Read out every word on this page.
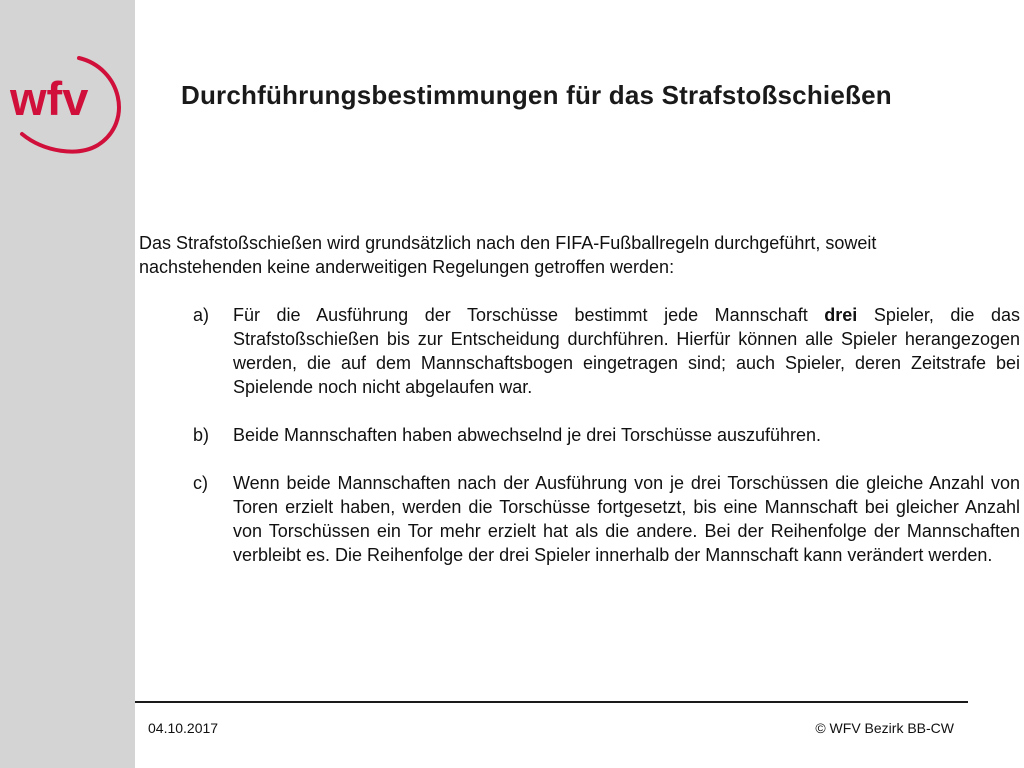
wfv	Durchführungsbestimmungen für das Strafstoßschießen

Das Strafstoßschießen wird grundsätzlich nach den FIFA-Fußballregeln durchgeführt, soweit nachstehenden keine anderweitigen Regelungen getroffen werden:

a) Für die Ausführung der Torschüsse bestimmt jede Mannschaft drei Spieler, die das Strafstoßschießen bis zur Entscheidung durchführen. Hierfür können alle Spieler herangezogen werden, die auf dem Mannschaftsbogen eingetragen sind; auch Spieler, deren Zeitstrafe bei Spielende noch nicht abgelaufen war.
b) Beide Mannschaften haben abwechselnd je drei Torschüsse auszuführen.
c) Wenn beide Mannschaften nach der Ausführung von je drei Torschüssen die gleiche Anzahl von Toren erzielt haben, werden die Torschüsse fortgesetzt, bis eine Mannschaft bei gleicher Anzahl von Torschüssen ein Tor mehr erzielt hat als die andere. Bei der Reihenfolge der Mannschaften verbleibt es. Die Reihenfolge der drei Spieler innerhalb der Mannschaft kann verändert werden.
04.10.2017	© WFV Bezirk BB-CW
